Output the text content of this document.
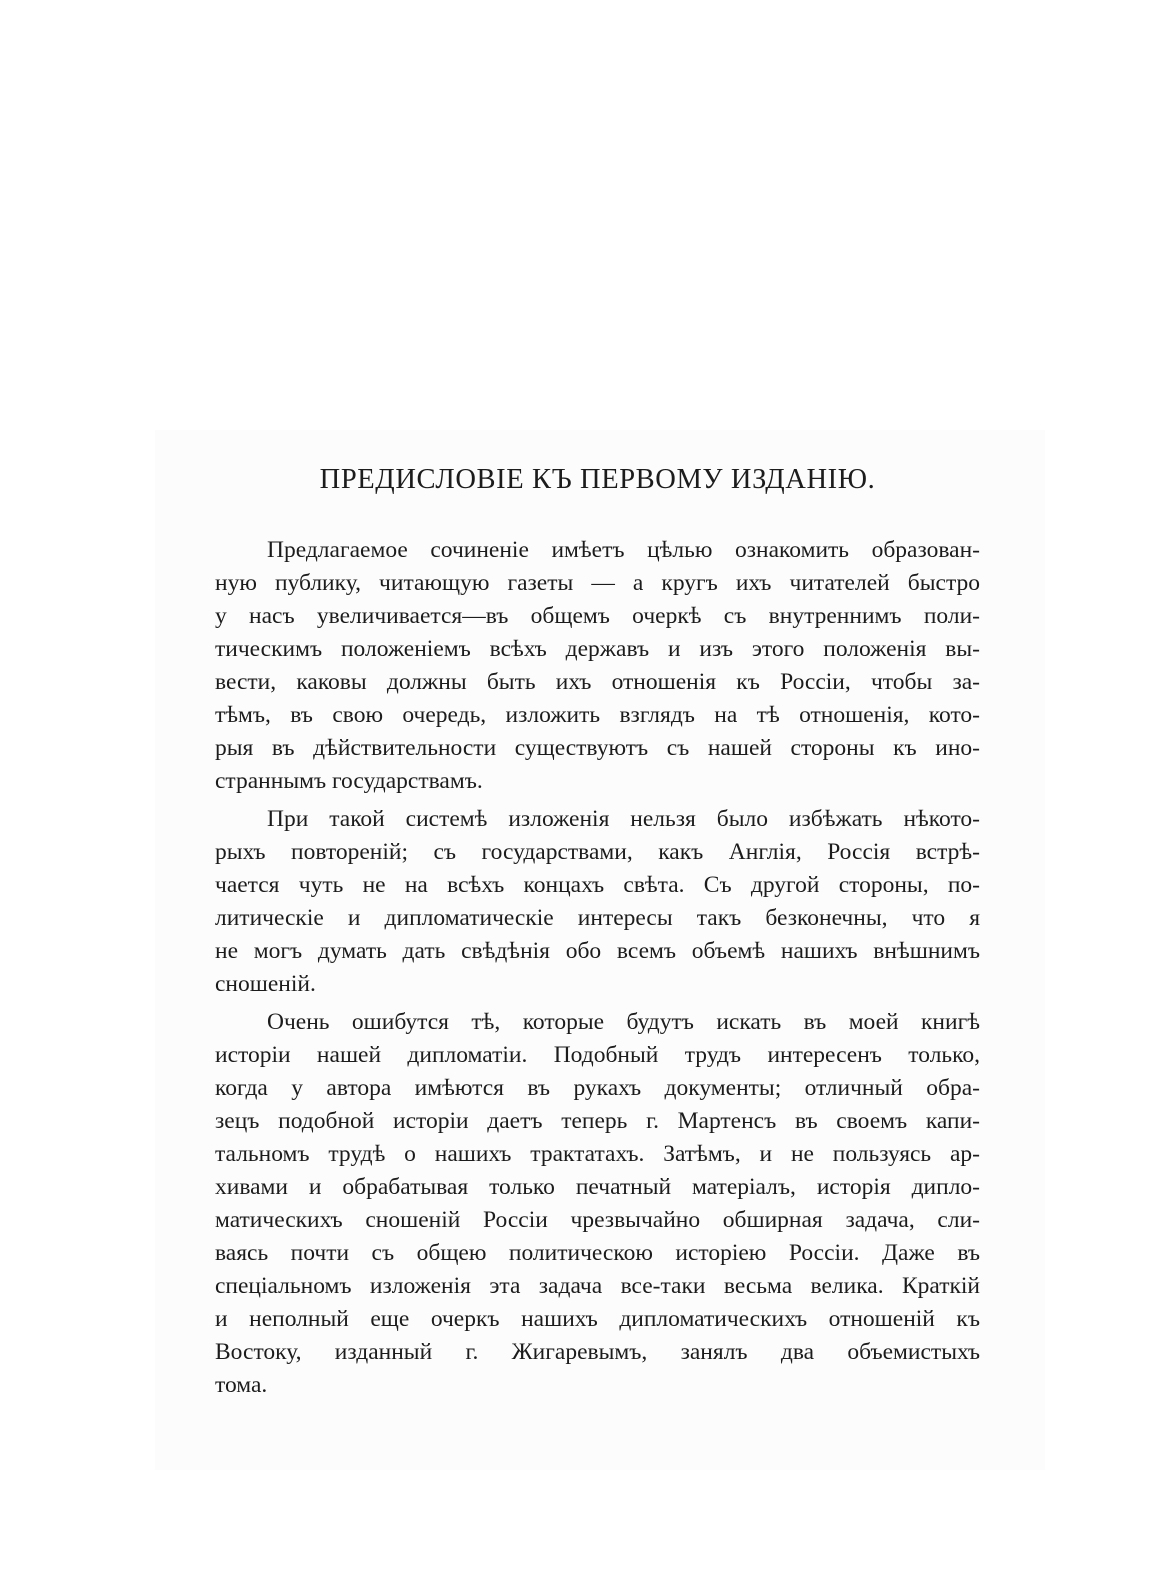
ПРЕДИСЛОВІЕ КЪ ПЕРВОМУ ИЗДАНІЮ.
Предлагаемое сочиненіе имѣетъ цѣлью ознакомить образован-
ную публику, читающую газеты — а кругъ ихъ читателей быстро
у насъ увеличивается—въ общемъ очеркѣ съ внутреннимъ поли-
тическимъ положеніемъ всѣхъ державъ и изъ этого положенія вы-
вести, каковы должны быть ихъ отношенія къ Россіи, чтобы за-
тѣмъ, въ свою очередь, изложить взглядъ на тѣ отношенія, кото-
рыя въ дѣйствительности существуютъ съ нашей стороны къ ино-
страннымъ государствамъ.
При такой системѣ изложенія нельзя было избѣжать нѣкото-
рыхъ повтореній; съ государствами, какъ Англія, Россія встрѣ-
чается чуть не на всѣхъ концахъ свѣта. Съ другой стороны, по-
литическіе и дипломатическіе интересы такъ безконечны, что я
не могъ думать дать свѣдѣнія обо всемъ объемѣ нашихъ внѣшнимъ
сношеній.
Очень ошибутся тѣ, которые будутъ искать въ моей книгѣ
исторіи нашей дипломатіи. Подобный трудъ интересенъ только,
когда у автора имѣются въ рукахъ документы; отличный обра-
зецъ подобной исторіи даетъ теперь г. Мартенсъ въ своемъ капи-
тальномъ трудѣ о нашихъ трактатахъ. Затѣмъ, и не пользуясь ар-
хивами и обрабатывая только печатный матеріалъ, исторія дипло-
матическихъ сношеній Россіи чрезвычайно обширная задача, сли-
ваясь почти съ общею политическою исторіею Россіи. Даже въ
спеціальномъ изложенія эта задача все-таки весьма велика. Краткій
и неполный еще очеркъ нашихъ дипломатическихъ отношеній къ
Востоку, изданный г. Жигаревымъ, занялъ два объемистыхъ
тома.
